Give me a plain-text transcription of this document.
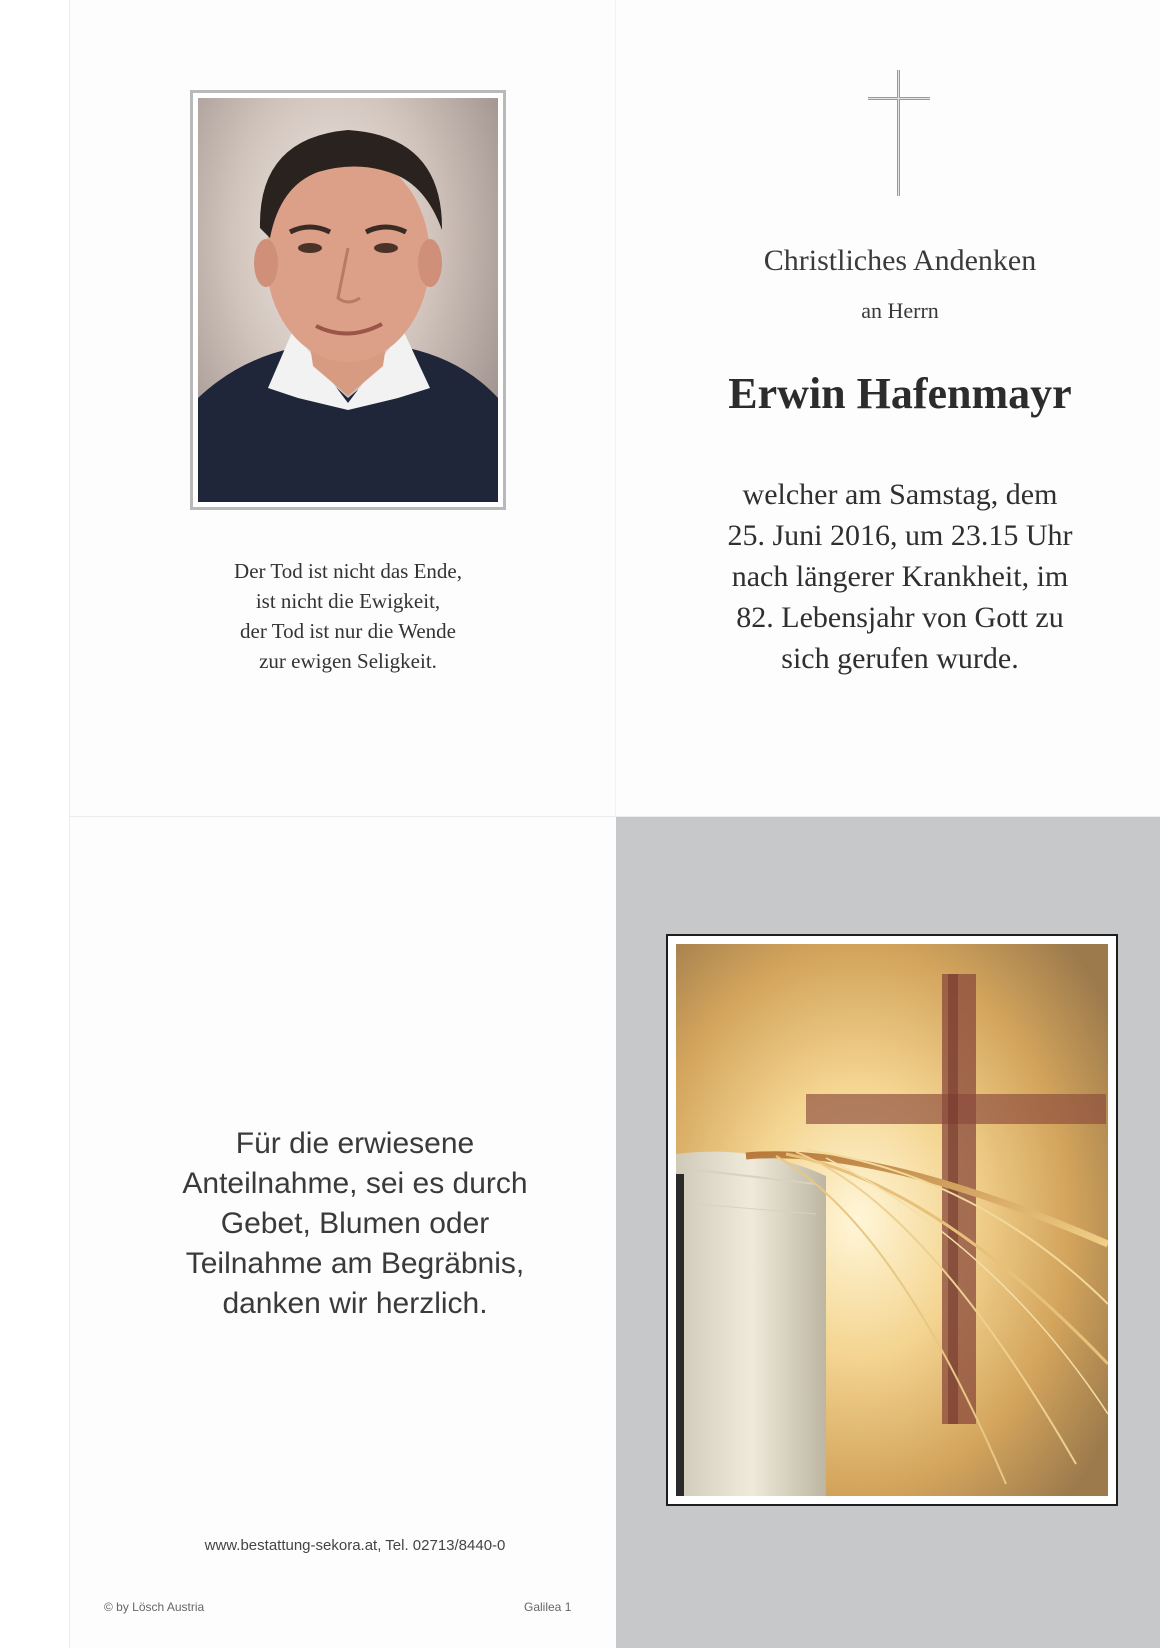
Der Tod ist nicht das Ende,
ist nicht die Ewigkeit,
der Tod ist nur die Wende
zur ewigen Seligkeit.
Christliches Andenken
an Herrn
Erwin Hafenmayr
welcher am Samstag, dem
25. Juni 2016, um 23.15 Uhr
nach längerer Krankheit, im
82. Lebensjahr von Gott zu
sich gerufen wurde.
Für die erwiesene
Anteilnahme, sei es durch
Gebet, Blumen oder
Teilnahme am Begräbnis,
danken wir herzlich.
www.bestattung-sekora.at, Tel. 02713/8440-0
© by Lösch Austria	Galilea 1
